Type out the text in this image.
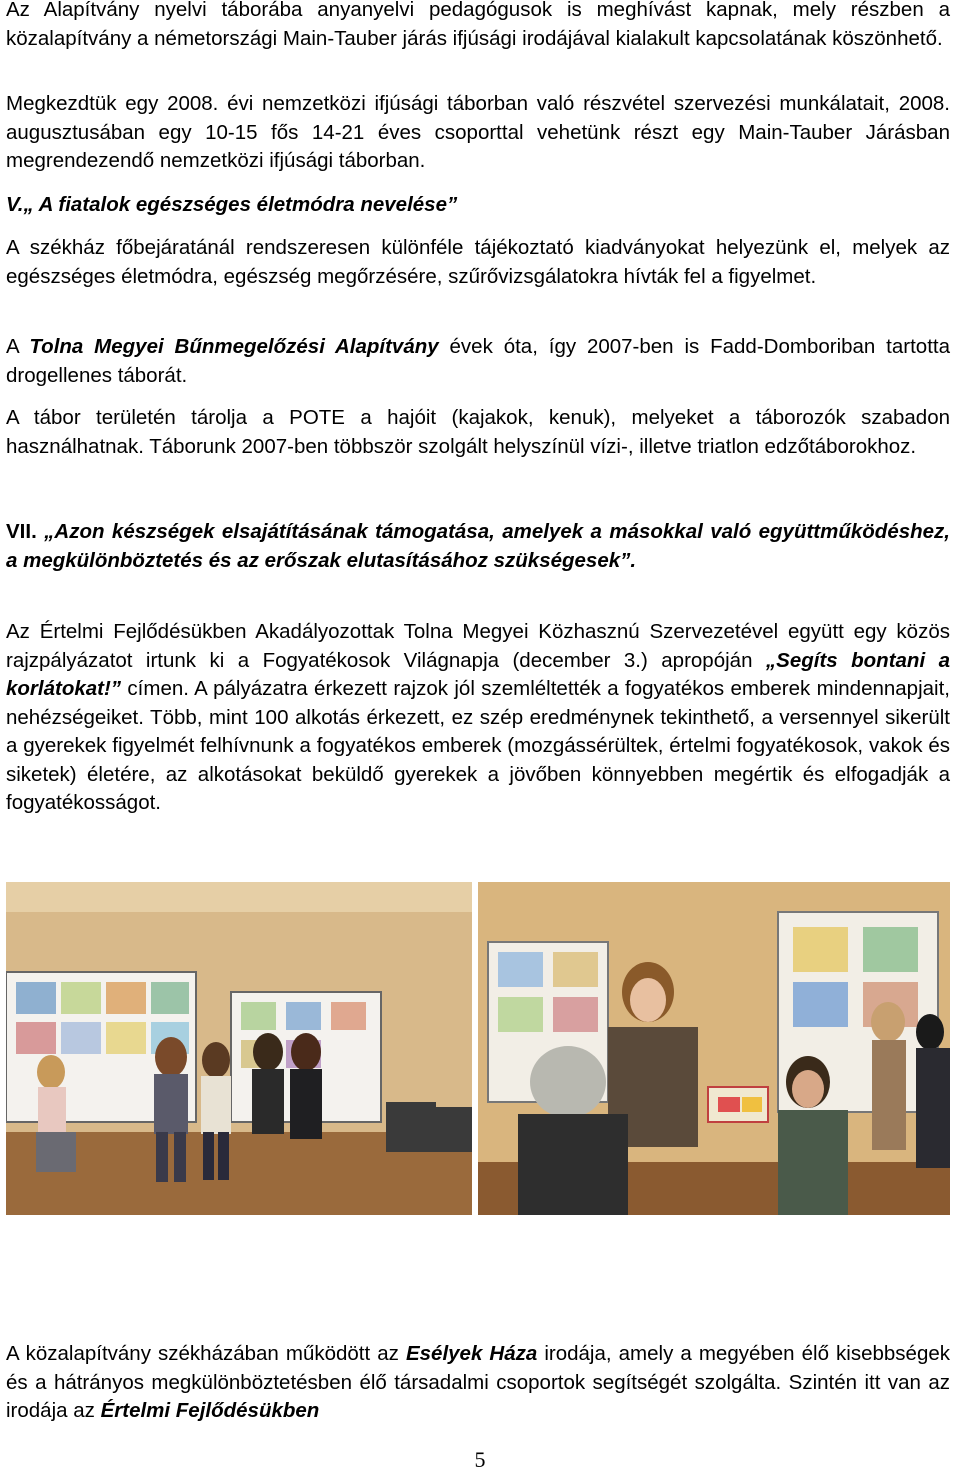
Az Alapítvány nyelvi táborába anyanyelvi pedagógusok is meghívást kapnak, mely részben a közalapítvány a németországi Main-Tauber járás ifjúsági irodájával kialakult kapcsolatának köszönhető.

Megkezdtük egy 2008. évi nemzetközi ifjúsági táborban való részvétel szervezési munkálatait, 2008. augusztusában egy 10-15 fős 14-21 éves csoporttal vehetünk részt egy Main-Tauber Járásban megrendezendő nemzetközi ifjúsági táborban.

V.„ A fiatalok egészséges életmódra nevelése”

A székház főbejáratánál rendszeresen különféle tájékoztató kiadványokat helyezünk el, melyek az egészséges életmódra, egészség megőrzésére, szűrővizsgálatokra hívták fel a figyelmet.

A Tolna Megyei Bűnmegelőzési Alapítvány évek óta, így 2007-ben is Fadd-Domboriban tartotta drogellenes táborát.

A tábor területén tárolja a POTE a hajóit (kajakok, kenuk), melyeket a táborozók szabadon használhatnak. Táborunk 2007-ben többször szolgált helyszínül vízi-, illetve triatlon edzőtáborokhoz.

VII. „Azon készségek elsajátításának támogatása, amelyek a másokkal való együttműködéshez, a megkülönböztetés és az erőszak elutasításához szükségesek”.

Az Értelmi Fejlődésükben Akadályozottak Tolna Megyei Közhasznú Szervezetével együtt egy közös rajzpályázatot irtunk ki a Fogyatékosok Világnapja (december 3.) apropóján „Segíts bontani a korlátokat!” címen. A pályázatra érkezett rajzok jól szemléltették a fogyatékos emberek mindennapjait, nehézségeiket. Több, mint 100 alkotás érkezett, ez szép eredménynek tekinthető, a versennyel sikerült a gyerekek figyelmét felhívnunk a fogyatékos emberek (mozgássérültek, értelmi fogyatékosok, vakok és siketek) életére, az alkotásokat beküldő gyerekek a jövőben könnyebben megértik és elfogadják a fogyatékosságot.

A közalapítvány székházában működött az Esélyek Háza irodája, amely a megyében élő kisebbségek és a hátrányos megkülönböztetésben élő társadalmi csoportok segítségét szolgálta. Szintén itt van az irodája az Értelmi Fejlődésükben

5
